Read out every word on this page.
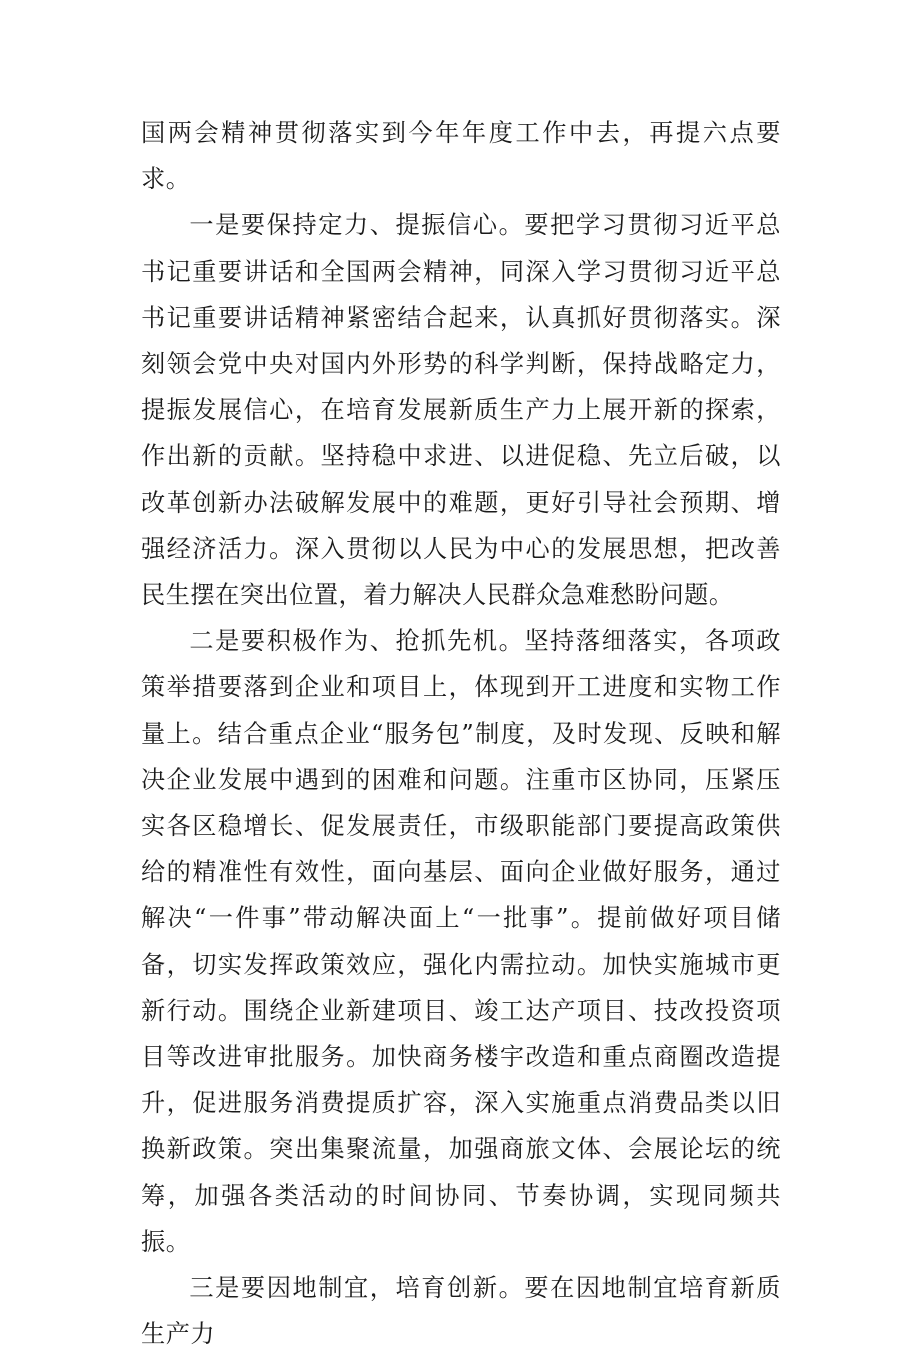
国两会精神贯彻落实到今年年度工作中去，再提六点要求。

一是要保持定力、提振信心。要把学习贯彻习近平总书记重要讲话和全国两会精神，同深入学习贯彻习近平总书记重要讲话精神紧密结合起来，认真抓好贯彻落实。深刻领会党中央对国内外形势的科学判断，保持战略定力，提振发展信心，在培育发展新质生产力上展开新的探索，作出新的贡献。坚持稳中求进、以进促稳、先立后破，以改革创新办法破解发展中的难题，更好引导社会预期、增强经济活力。深入贯彻以人民为中心的发展思想，把改善民生摆在突出位置，着力解决人民群众急难愁盼问题。

二是要积极作为、抢抓先机。坚持落细落实，各项政策举措要落到企业和项目上，体现到开工进度和实物工作量上。结合重点企业“服务包”制度，及时发现、反映和解决企业发展中遇到的困难和问题。注重市区协同，压紧压实各区稳增长、促发展责任，市级职能部门要提高政策供给的精准性有效性，面向基层、面向企业做好服务，通过解决“一件事”带动解决面上“一批事”。提前做好项目储备，切实发挥政策效应，强化内需拉动。加快实施城市更新行动。围绕企业新建项目、竣工达产项目、技改投资项目等改进审批服务。加快商务楼宇改造和重点商圈改造提升，促进服务消费提质扩容，深入实施重点消费品类以旧换新政策。突出集聚流量，加强商旅文体、会展论坛的统筹，加强各类活动的时间协同、节奏协调，实现同频共振。

三是要因地制宜，培育创新。要在因地制宜培育新质生产力
